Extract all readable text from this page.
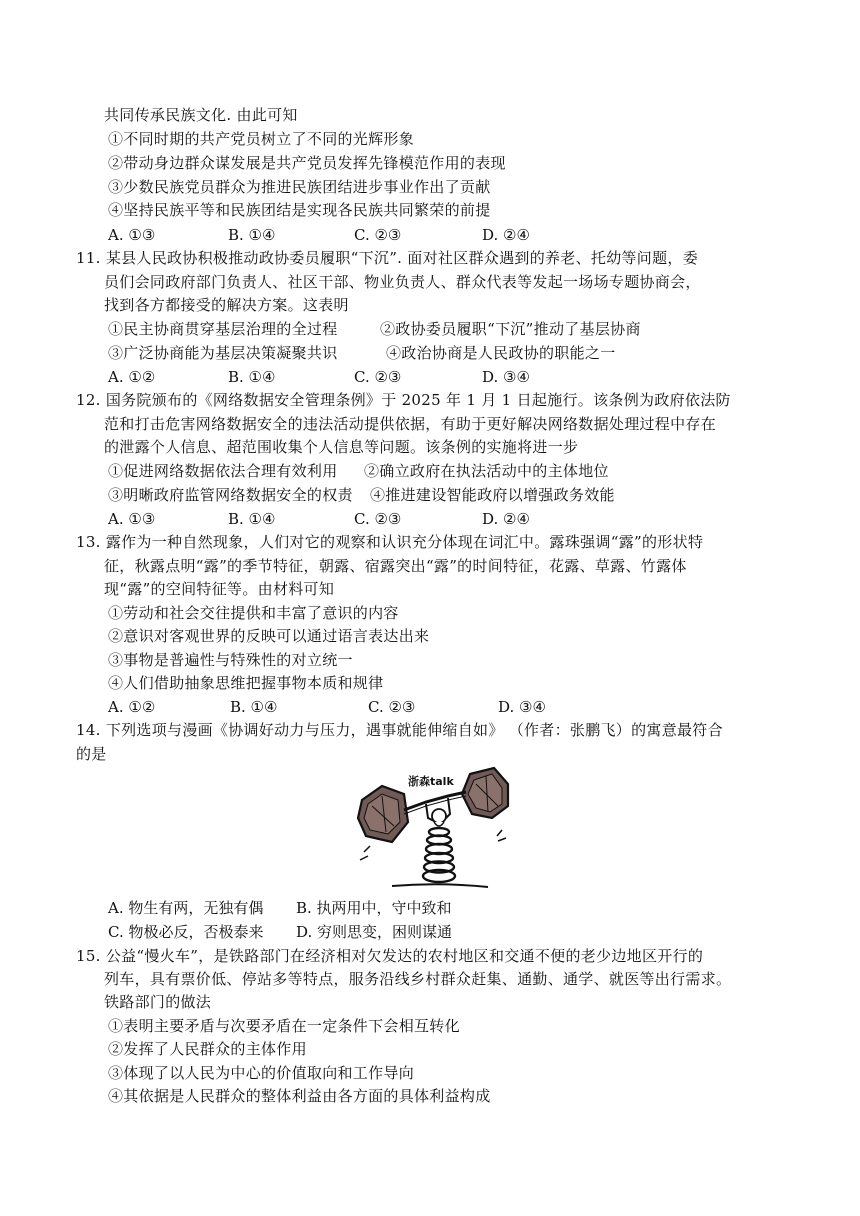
共同传承民族文化. 由此可知
①不同时期的共产党员树立了不同的光辉形象
②带动身边群众谋发展是共产党员发挥先锋模范作用的表现
③少数民族党员群众为推进民族团结进步事业作出了贡献
④坚持民族平等和民族团结是实现各民族共同繁荣的前提
A. ①③	B. ①④	C. ②③	D. ②④
11. 某县人民政协积极推动政协委员履职“下沉”. 面对社区群众遇到的养老、托幼等问题，委
员们会同政府部门负责人、社区干部、物业负责人、群众代表等发起一场场专题协商会，
找到各方都接受的解决方案。这表明
①民主协商贯穿基层治理的全过程	②政协委员履职“下沉”推动了基层协商
③广泛协商能为基层决策凝聚共识	④政治协商是人民政协的职能之一
A. ①②	B. ①④	C. ②③	D. ③④
12. 国务院颁布的《网络数据安全管理条例》于 2025 年 1 月 1 日起施行。该条例为政府依法防
范和打击危害网络数据安全的违法活动提供依据，有助于更好解决网络数据处理过程中存在
的泄露个人信息、超范围收集个人信息等问题。该条例的实施将进一步
①促进网络数据依法合理有效利用 ②确立政府在执法活动中的主体地位
③明晰政府监管网络数据安全的权责 ④推进建设智能政府以增强政务效能
A. ①③	B. ①④	C. ②③	D. ②④
13. 露作为一种自然现象，人们对它的观察和认识充分体现在词汇中。露珠强调“露”的形状特
征，秋露点明“露”的季节特征，朝露、宿露突出“露”的时间特征，花露、草露、竹露体
现“露”的空间特征等。由材料可知
①劳动和社会交往提供和丰富了意识的内容
②意识对客观世界的反映可以通过语言表达出来
③事物是普遍性与特殊性的对立统一
④人们借助抽象思维把握事物本质和规律
A. ①②	B. ①④	C. ②③	D. ③④
14. 下列选项与漫画《协调好动力与压力，遇事就能伸缩自如》 （作者：张鹏飞）的寓意最符合
的是
浙森talk
A. 物生有两，无独有偶 B. 执两用中，守中致和
C. 物极必反，否极泰来 D. 穷则思变，困则谋通
15. 公益“慢火车”，是铁路部门在经济相对欠发达的农村地区和交通不便的老少边地区开行的
列车，具有票价低、停站多等特点，服务沿线乡村群众赶集、通勤、通学、就医等出行需求。
铁路部门的做法
①表明主要矛盾与次要矛盾在一定条件下会相互转化
②发挥了人民群众的主体作用
③体现了以人民为中心的价值取向和工作导向
④其依据是人民群众的整体利益由各方面的具体利益构成
